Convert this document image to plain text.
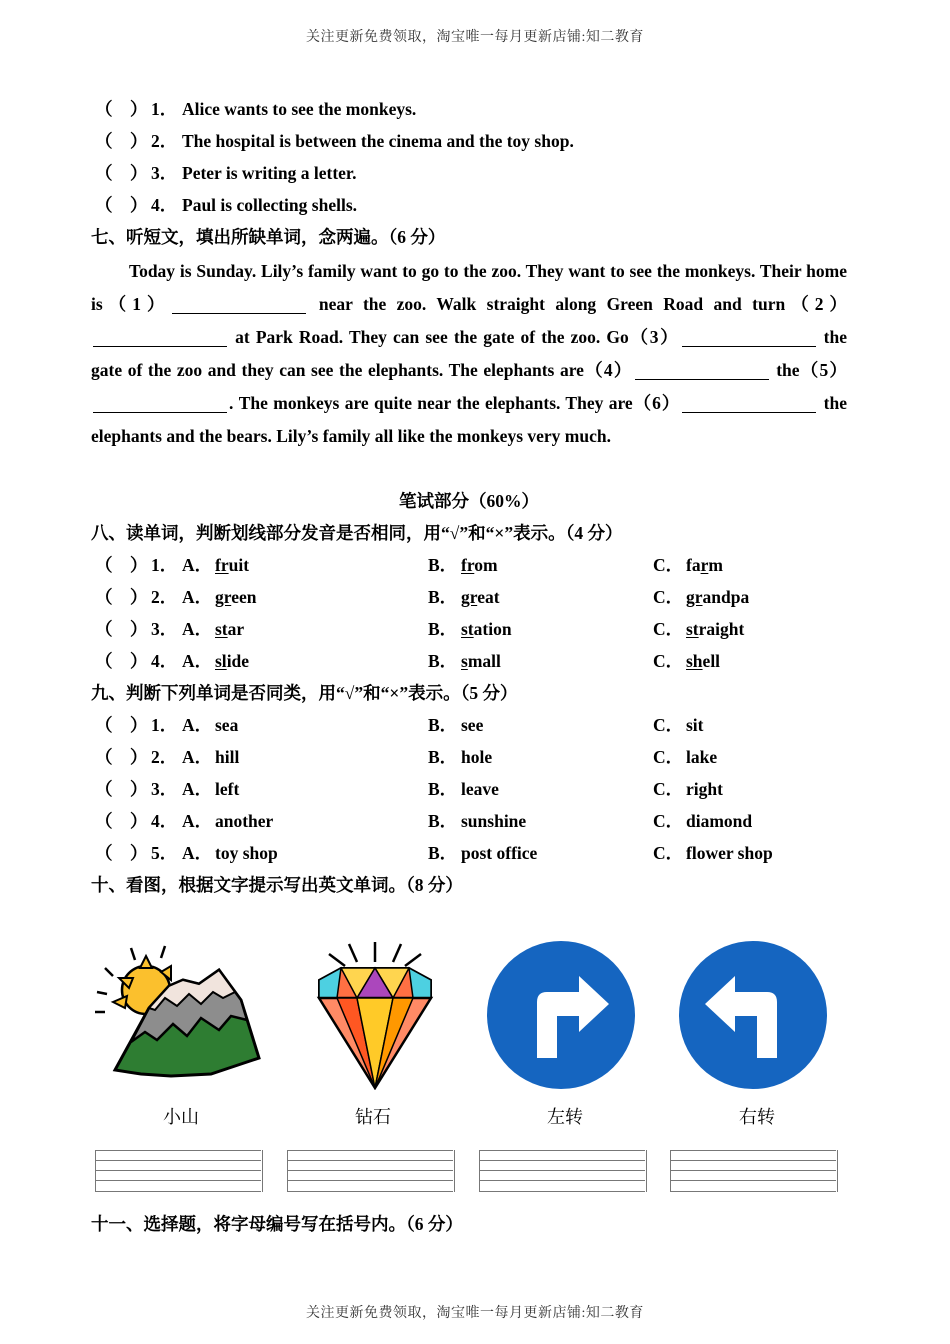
关注更新免费领取，淘宝唯一每月更新店铺:知二教育
（　） 1． Alice wants to see the monkeys.
（　） 2． The hospital is between the cinema and the toy shop.
（　） 3． Peter is writing a letter.
（　） 4． Paul is collecting shells.
七、听短文，填出所缺单词，念两遍。（6 分）
Today is Sunday. Lily’s family want to go to the zoo. They want to see the monkeys. Their home is（1）	near the zoo. Walk straight along Green Road and turn（2） at Park Road. They can see the gate of the zoo. Go（3）	the gate of the zoo and they can see the elephants. The elephants are（4）	the（5）. The monkeys are quite near the elephants. They are（6）	the elephants and the bears. Lily’s family all like the monkeys very much.
笔试部分（60%）
八、读单词，判断划线部分发音是否相同，用“√”和“×”表示。（4 分）
（　） 1． A． fruit	B． from	C． farm
（　） 2． A． green	B． great	C． grandpa
（　） 3． A． star	B． station	C． straight
（　） 4． A． slide	B． small	C． shell
九、判断下列单词是否同类，用“√”和“×”表示。（5 分）
（　） 1． A． sea	B． see	C． sit
（　） 2． A． hill	B． hole	C． lake
（　） 3． A． left	B． leave	C． right
（　） 4． A． another	B． sunshine	C． diamond
（　） 5． A． toy shop	B． post office	C． flower shop
十、看图，根据文字提示写出英文单词。（8 分）
小山	钻石	左转	右转
十一、选择题，将字母编号写在括号内。（6 分）
关注更新免费领取，淘宝唯一每月更新店铺:知二教育
